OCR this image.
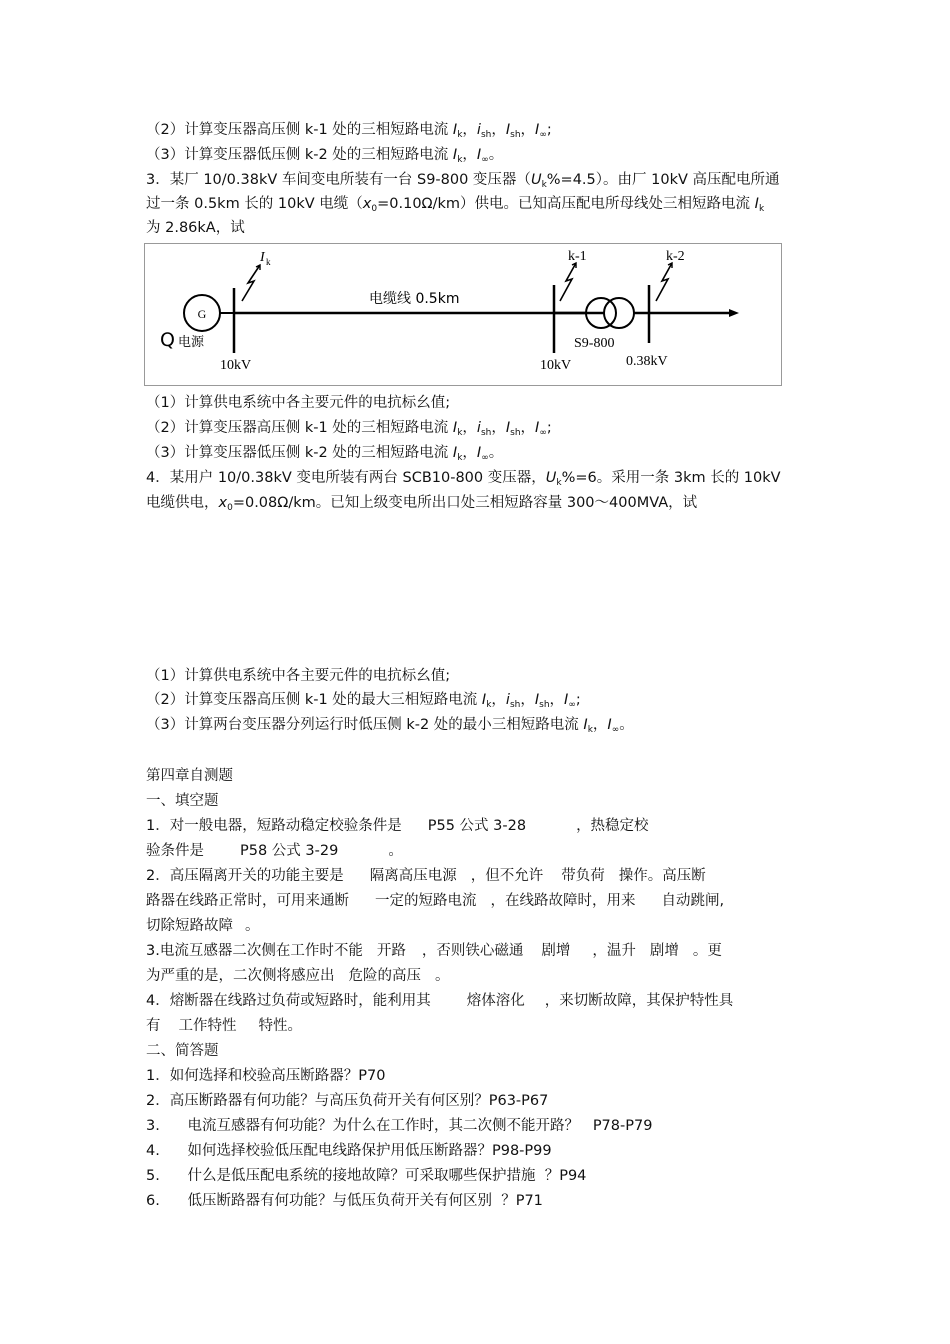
（2）计算变压器高压侧 k-1 处的三相短路电流 $I_k$，$i_{sh}$，$I_{sh}$，$I_\infty$;
（3）计算变压器低压侧 k-2 处的三相短路电流 $I_k$，$I_\infty$。
3．某厂 10/0.38kV 车间变电所装有一台 S9-800 变压器$(U_k\%=4.5)$。由厂 10kV 高压配电所通
过一条 0.5km 长的 10kV 电缆$(x_0=0.10\Omega/km)$供电。已知高压配电所母线处三相短路电流 $I_k$
为 2.86kA，试
G
I k
电缆线 0.5km
Q 电源
10kV
k-1
10kV
S9-800
k-2
0.38kV
（1）计算供电系统中各主要元件的电抗标幺值;
（2）计算变压器高压侧 k-1 处的三相短路电流 $I_k$，$i_{sh}$，$I_{sh}$，$I_\infty$;
（3）计算变压器低压侧 k-2 处的三相短路电流 $I_k$，$I_\infty$。
4．某用户 10/0.38kV 变电所装有两台 SCB10-800 变压器，$U_k\%=6$。采用一条 3km 长的 10kV
电缆供电，$x_0=0.08\Omega/km$。已知上级变电所出口处三相短路容量 300～400MVA，试
（1）计算供电系统中各主要元件的电抗标幺值;
（2）计算变压器高压侧 k-1 处的最大三相短路电流 $I_k$，$i_{sh}$，$I_{sh}$，$I_\infty$;
（3）计算两台变压器分列运行时低压侧 k-2 处的最小三相短路电流 $I_k$，$I_\infty$。
第四章自测题
一、填空题
1．对一般电器，短路动稳定校验条件是 P55 公式 3-28	，热稳定校
验条件是 P58 公式 3-29	。
2．高压隔离开关的功能主要是 隔离高压电源 ，但不允许 带负荷 操作。高压断
路器在线路正常时，可用来通断 一定的短路电流 ，在线路故障时，用来 自动跳闸,
切除短路故障 。
3.电流互感器二次侧在工作时不能 开路 ，否则铁心磁通 剧增 ，温升 剧增 。更
为严重的是，二次侧将感应出 危险的高压 。
4．熔断器在线路过负荷或短路时，能利用其 熔体溶化 ，来切断故障，其保护特性具
有 工作特性 特性。
二、简答题
1．如何选择和校验高压断路器？P70
2．高压断路器有何功能？与高压负荷开关有何区别？P63-P67
3.      电流互感器有何功能？为什么在工作时，其二次侧不能开路？   P78-P79
4.      如何选择校验低压配电线路保护用低压断路器？P98-P99
5.      什么是低压配电系统的接地故障？可采取哪些保护措施  ？P94
6.      低压断路器有何功能？与低压负荷开关有何区别  ？P71
